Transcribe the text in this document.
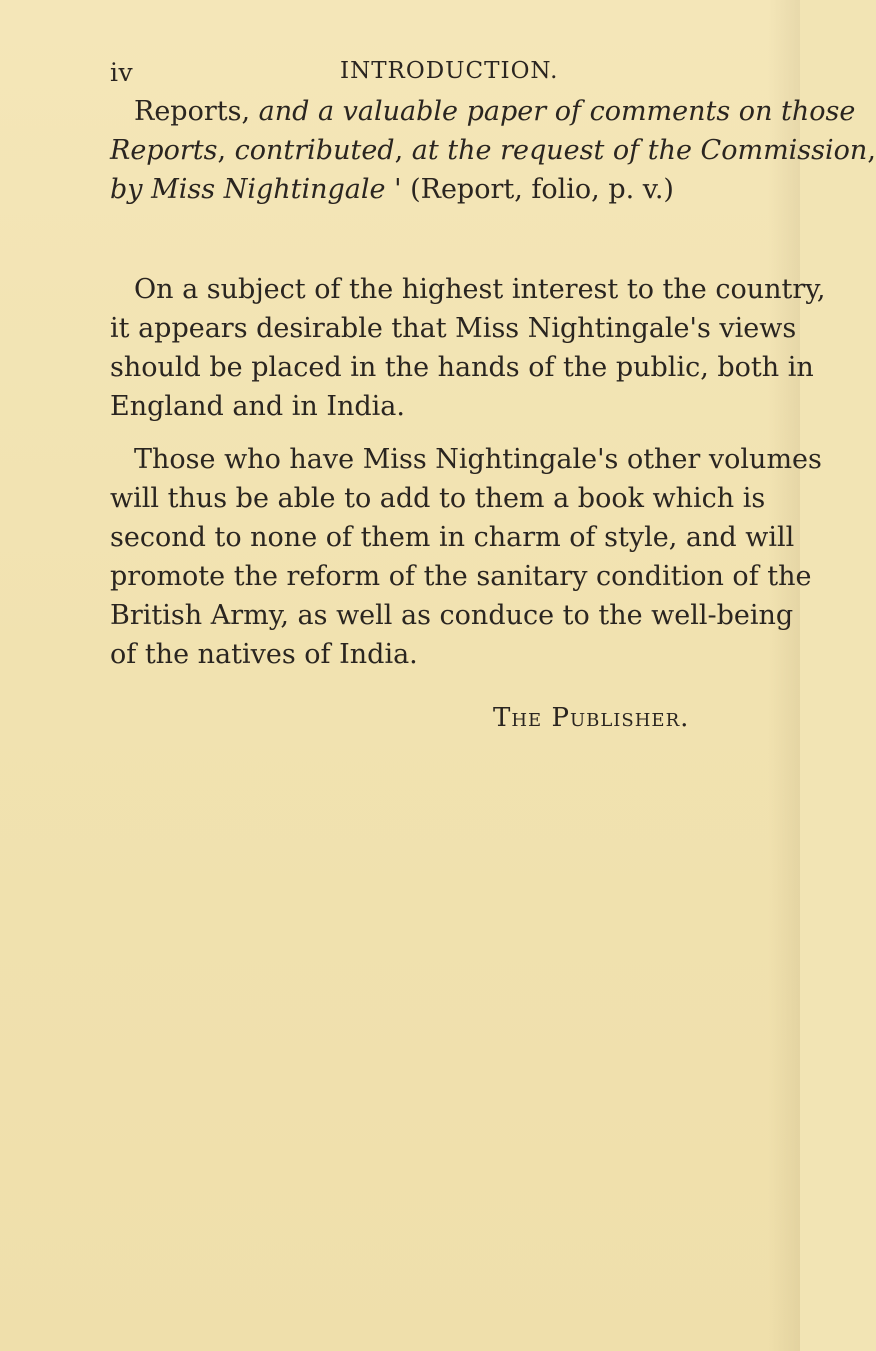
iv	INTRODUCTION.
Reports, and a valuable paper of comments on those
Reports, contributed, at the request of the Commission,
by Miss Nightingale ' (Report, folio, p. v.)
On a subject of the highest interest to the country,
it appears desirable that Miss Nightingale's views
should be placed in the hands of the public, both in
England and in India.
Those who have Miss Nightingale's other volumes
will thus be able to add to them a book which is
second to none of them in charm of style, and will
promote the reform of the sanitary condition of the
British Army, as well as conduce to the well-being
of the natives of India.
The Publisher.
